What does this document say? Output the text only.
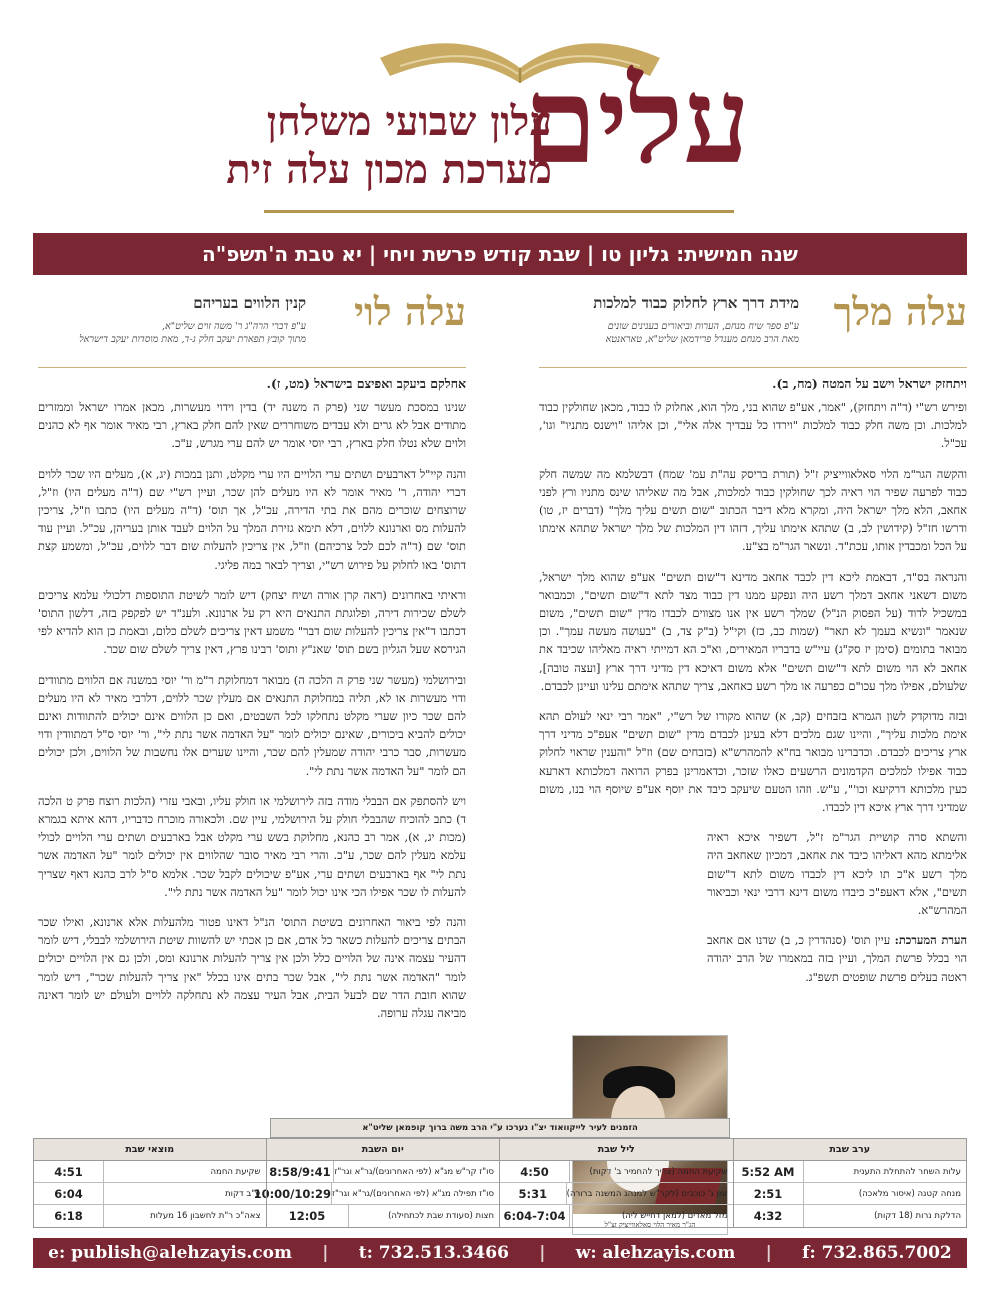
עלים
עלון שבועי משלחן
מערכת מכון עלה זית
שנה חמישית: גליון טו | שבת קודש פרשת ויחי | יא טבת ה'תשפ"ה
עלה מלך
מידת דרך ארץ לחלוק כבוד למלכות
ע"פ ספר שיח מנחם, הערות וביאורים בענינים שונים
מאת הרב מנחם מענדל פרידמאן שליט"א, טאראנטא
ויתחזק ישראל וישב על המטה (מח, ב).

ופירש רש"י (ד"ה ויתחזק), "אמר, אע"פ שהוא בני, מלך הוא, אחלוק לו כבוד, מכאן שחולקין כבוד למלכות. וכן משה חלק כבוד למלכות "וירדו כל עבדיך אלה אלי", וכן אליהו "וישנס מתניו" וגו', עכ"ל.

והקשה הגר"מ הלוי סאלאווייציק ז"ל (תורת בריסק עה"ת עמ' שמח) דבשלמא מה שמשה חלק כבוד לפרעה שפיר הוי ראיה לכך שחולקין כבוד למלכות, אבל מה שאליהו שינס מתניו ורץ לפני אחאב, הלא מלך ישראל היה, ומקרא מלא דיבר הכתוב "שום תשים עליך מלך" (דברים יז, טו) ודרשו חז"ל (קידושין לב, ב) שתהא אימתו עליך, דזהו דין המלכות של מלך ישראל שתהא אימתו על הכל ומכבדין אותו, עכת"ד. ונשאר הגר"מ בצ"ע.

והנראה בס"ד, דבאמת ליכא דין לכבד אחאב מדינא ד"שום תשים" אע"פ שהוא מלך ישראל, משום דשאני אחאב דמלך רשע היה ונפקע ממנו דין כבוד מצד לתא ד"שום תשים", וכמבואר במשכיל לדוד (על הפסוק הנ"ל) שמלך רשע אין אנו מצווים לכבדו מדין "שום תשים", משום שנאמר "ונשיא בעמך לא תאר" (שמות כב, כז) וקי"ל (ב"ק צד, ב) "בעושה מעשה עמך". וכן מבואר בתומים (סימן יז סק"ג) עיי"ש בדבריו המאירים, וא"כ הא דמייתי ראיה מאליהו שכיבד את אחאב לא הוי משום לתא ד"שום תשים" אלא משום דאיכא דין מדיני דרך ארץ [ועצה טובה], שלעולם, אפילו מלך עכו"ם כפרעה או מלך רשע כאחאב, צריך שתהא אימתם עלינו ועיינן לכבדם.

ובזה מדוקדק לשון הגמרא בזבחים (קב, א) שהוא מקורו של רש"י, "אמר רבי ינאי לעולם תהא אימת מלכות עליך", והיינו שגם מלכים דלא בעינן לכבדם מדין "שום תשים" אעפ"כ מדיני דרך ארץ צריכים לכבדם. וכדברינו מבואר בח"א להמהרש"א (בזבחים שם) וז"ל "והענין שראוי לחלוק כבוד אפילו למלכים הקדמונים הרשעים כאלו שזכר, וכדאמרינן בפרק הרואה דמלכותא דארעא כעין מלכותא דרקיעא וכו'", ע"ש. וזהו הטעם שיעקב כיבד את יוסף אע"פ שיוסף הוי בנו, משום שמדיני דרך ארץ איכא דין לכבדו.

והשתא סרה קושיית הגר"מ ז"ל, דשפיר איכא ראיה אלימתא מהא דאליהו כיבד את אחאב, דמכיון שאחאב היה מלך רשע א"כ תו ליכא דין לכבדו משום לתא ד"שום תשים", אלא דאעפ"כ כיבדו משום דינא דרבי ינאי וכביאור המהרש"א.

הערת המערכת: עיין תוס' (סנהדרין כ, ב) שדנו אם אחאב הוי בכלל פרשת המלך, ועיין בזה במאמרו של הרב יהודה ראטה בעלים פרשת שופטים תשפ"ג.

הג"ר מאיר הלוי סאלאווייציק זצ"ל
עלה לוי
קנין הלווים בעריהם
ע"פ דברי הרה"ג ר' משה זוים שליט"א,
מתוך קובץ תפארת יעקב חלק ג-ד, מאת מוסדות יעקב דישראל
אחלקם ביעקב ואפיצם בישראל (מט, ז).

שנינו במסכת מעשר שני (פרק ה משנה יד) בדין וידוי מעשרות, מכאן אמרו ישראל וממזרים מתודים אבל לא גרים ולא עבדים משוחררים שאין להם חלק בארץ, רבי מאיר אומר אף לא כהנים ולוים שלא נטלו חלק בארץ, רבי יוסי אומר יש להם ערי מגרש, ע"כ.

והנה קיי"ל דארבעים ושתים ערי הלויים היו ערי מקלט, ותנן במכות (יג, א), מעלים היו שכר ללוים דברי יהודה, ר' מאיר אומר לא היו מעלים להן שכר, ועיין רש"י שם (ד"ה מעלים היו) וז"ל, שרוצחים שוכרים מהם את בתי הדירה, עכ"ל, אך תוס' (ד"ה מעלים היו) כתבו וז"ל, צריכין להעלות מס וארנונא ללוים, דלא תימא גזירת המלך על הלוים לעבד אותן בעריהן, עכ"ל. ועיין עוד תוס' שם (ד"ה לכם לכל צרכיהם) וז"ל, אין צריכין להעלות שום דבר ללוים, עכ"ל, ומשמע קצת דתוס' באו לחלוק על פירוש רש"י, וצריך לבאר במה פליגי.

וראיתי באחרונים (ראה קרן אורה ושיח יצחק) דיש לומר לשיטת התוספות דלכולי עלמא צריכים לשלם שכירות דירה, ופלוגתת התנאים היא רק על ארנונא. ולענ"ד יש לפקפק בזה, דלשון התוס' דכתבו ד"אין צריכין להעלות שום דבר" משמע דאין צריכים לשלם כלום, ובאמת כן הוא להדיא לפי הגירסא שעל הגליון בשם תוס' שאנ"ץ ותוס' רבינו פרץ, דאין צריך לשלם שום שכר.

ובירושלמי (מעשר שני פרק ה הלכה ה) מבואר דמחלוקת ר"מ ור' יוסי במשנה אם הלווים מתוודים ודוי מעשרות או לא, תליה במחלוקת התנאים אם מעלין שכר ללוים, דלרבי מאיר לא היו מעלים להם שכר כיון שערי מקלט נתחלקו לכל השבטים, ואם כן הלווים אינם יכולים להתוודות ואינם יכולים להביא ביכורים, שאינם יכולים לומר "על האדמה אשר נתת לי", ור' יוסי ס"ל דמתוודין ודוי מעשרות, סבר כרבי יהודה שמעלין להם שכר, והיינו שערים אלו נחשבות של הלווים, ולכן יכולים הם לומר "על האדמה אשר נתת לי".

ויש להסתפק אם הבבלי מודה בזה לירושלמי או חולק עליו, ובאבי עזרי (הלכות רוצח פרק ט הלכה ד) כתב להוכיח שהבבלי חולק על הירושלמי, עיין שם. ולכאורה מוכרח כדבריו, דהא איתא בגמרא (מכות יג, א), אמר רב כהנא, מחלוקת בשש ערי מקלט אבל בארבעים ושתים ערי הלויים לכולי עלמא מעלין להם שכר, ע"כ. והרי רבי מאיר סובר שהלווים אין יכולים לומר "על האדמה אשר נתת לי" אף בארבעים ושתים ערי, אע"פ שיכולים לקבל שכר. אלמא ס"ל לרב כהנא דאף שצריך להעלות לו שכר אפילו הכי אינו יכול לומר "על האדמה אשר נתת לי".

והנה לפי ביאור האחרונים בשיטת התוס' הנ"ל דאינו פטור מלהעלות אלא ארנונא, ואילו שכר הבתים צריכים להעלות כשאר כל אדם, אם כן אכתי יש להשוות שיטת הירושלמי לבבלי, דיש לומר דהעיר עצמה אינה של הלויים כלל ולכן אין צריך להעלות ארנונא ומס, ולכן גם אין הלויים יכולים לומר "האדמה אשר נתת לי", אבל שכר בתים אינו בכלל "אין צריך להעלות שכר", דיש לומר שהוא חובת הדר שם לבעל הבית, אבל העיר עצמה לא נתחלקה ללויים ולעולם יש לומר דאינה מביאה עגלה ערופה.

הזמנים לעיר לייקוואוד יצ"ו נערכו ע"י הרב משה ברוך קופמאן שליט"א
ערב שבת
עלות השחר להתחלת התענית
5:52 AM
מנחה קטנה (איסור מלאכה)
2:51
הדלקת נרות (18 דקות)
4:32
ליל שבת
שקיעת החמה (צריך להחמיר ב' דקות)
4:50
זמן ג' כוכבים (לקר"ש למנהג המשנה ברורה)
5:31
מזל מאדים (למאן דחייש ליה)
6:04-7:04
יום השבת
סו"ז קר"ש מג"א (לפי האחרונים)/גר"א וגר"ז
8:58/9:41
סו"ז תפילה מג"א (לפי האחרונים)/גר"א וגר"ז
10:00/10:29
חצות (סעודת שבת לכתחילה)
12:05
מוצאי שבת
שקיעת החמה
4:51
ע"ב דקות
6:04
צאה"כ ר"ת לחשבון 16 מעלות
6:18
e: publish@alehzayis.com | t: 732.513.3466 | w: alehzayis.com | f: 732.865.7002
